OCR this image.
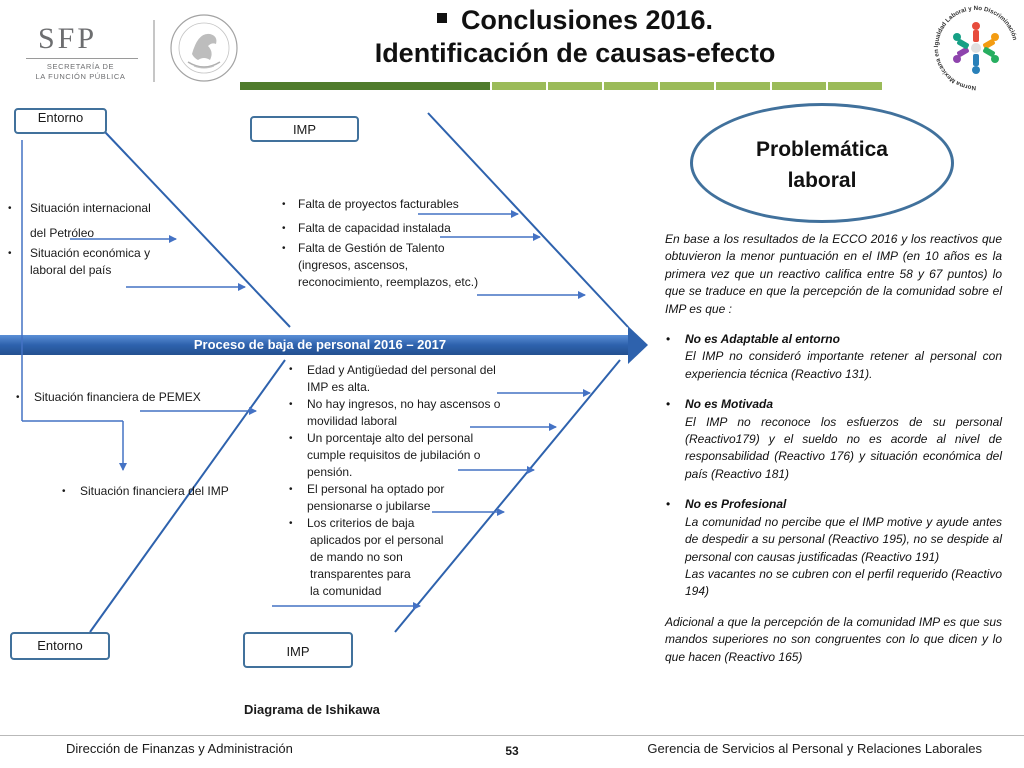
SFP
SECRETARÍA DE
LA FUNCIÓN PÚBLICA
Conclusiones 2016.
Identificación de causas-efecto
Norma Mexicana en Igualdad Laboral y No Discriminación
Entorno
IMP
Entorno	IMP
Proceso de baja de personal 2016 – 2017
• Situación internacional
del Petróleo
• Situación económica y
laboral del país
• Falta de proyectos facturables
• Falta de capacidad instalada
• Falta de Gestión de Talento
(ingresos, ascensos,
reconocimiento, reemplazos, etc.)
• Situación financiera de PEMEX
• Situación financiera del IMP
• Edad y Antigüedad del personal del
IMP es alta.
• No hay ingresos, no hay ascensos o
movilidad laboral
• Un porcentaje alto del personal
cumple requisitos de jubilación o
pensión.
• El personal ha optado por
pensionarse o jubilarse
• Los criterios de baja
aplicados por el personal
de mando no son
transparentes para
la comunidad
Diagrama de Ishikawa
Problemática
laboral

En base a los resultados de la ECCO 2016 y los reactivos que obtuvieron la menor puntuación en el IMP (en 10 años es la primera vez que un reactivo califica entre 58 y 67 puntos) lo que se traduce en que la percepción de la comunidad sobre el IMP es que :

• No es Adaptable al entorno
El IMP no consideró importante retener al personal con experiencia técnica (Reactivo 131).

• No es Motivada
El IMP no reconoce los esfuerzos de su personal (Reactivo179) y el sueldo no es acorde al nivel de responsabilidad (Reactivo 176) y situación económica del país (Reactivo 181)

• No es Profesional
La comunidad no percibe que el IMP motive y ayude antes de despedir a su personal (Reactivo 195), no se despide al personal con causas justificadas (Reactivo 191)
Las vacantes no se cubren con el perfil requerido (Reactivo 194)

Adicional a que la percepción de la comunidad IMP es que sus mandos superiores no son congruentes con lo que dicen y lo que hacen (Reactivo 165)

Dirección de Finanzas y Administración	53	Gerencia de Servicios al Personal y Relaciones Laborales
